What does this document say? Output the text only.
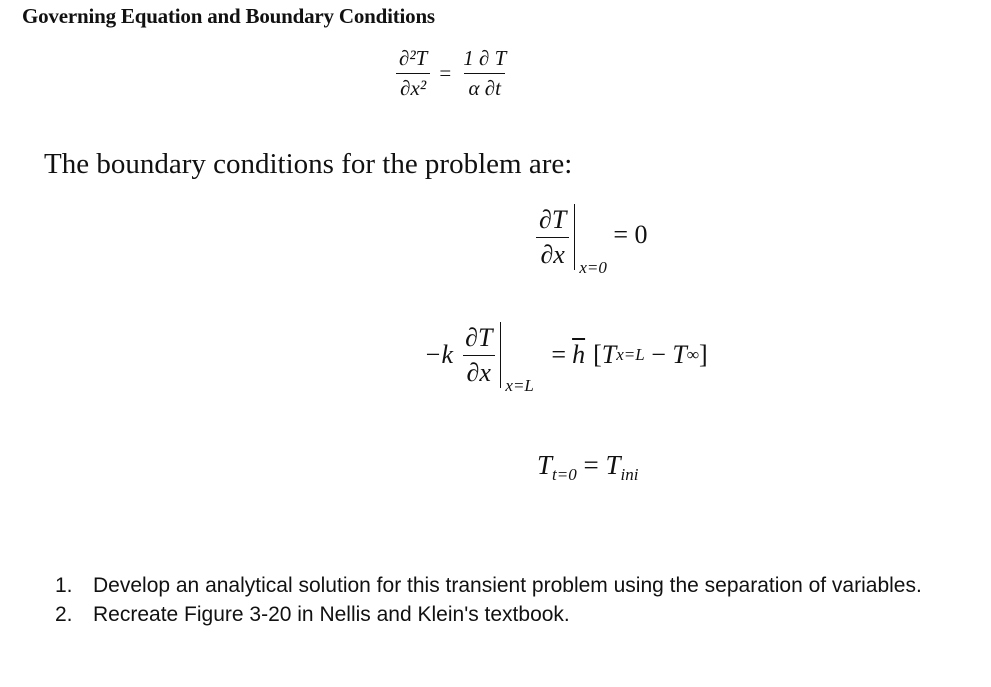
Governing Equation and Boundary Conditions
$\frac{\text{∂²T}}{\text{∂x²}} = \frac{1 \partial T}{\alpha \partial t}$
The boundary conditions for the problem are:
$\frac{\partial T}{\partial x} x=0$
= 0
$-k \frac{\partial T}{\partial x} x=L$
= $\overline{h}$ [ T x=L − T ∞ ]
$T_{t=0} = T_{ini}$
1. Develop an analytical solution for this transient problem using the separation of variables.
2. Recreate Figure 3-20 in Nellis and Klein's textbook.
